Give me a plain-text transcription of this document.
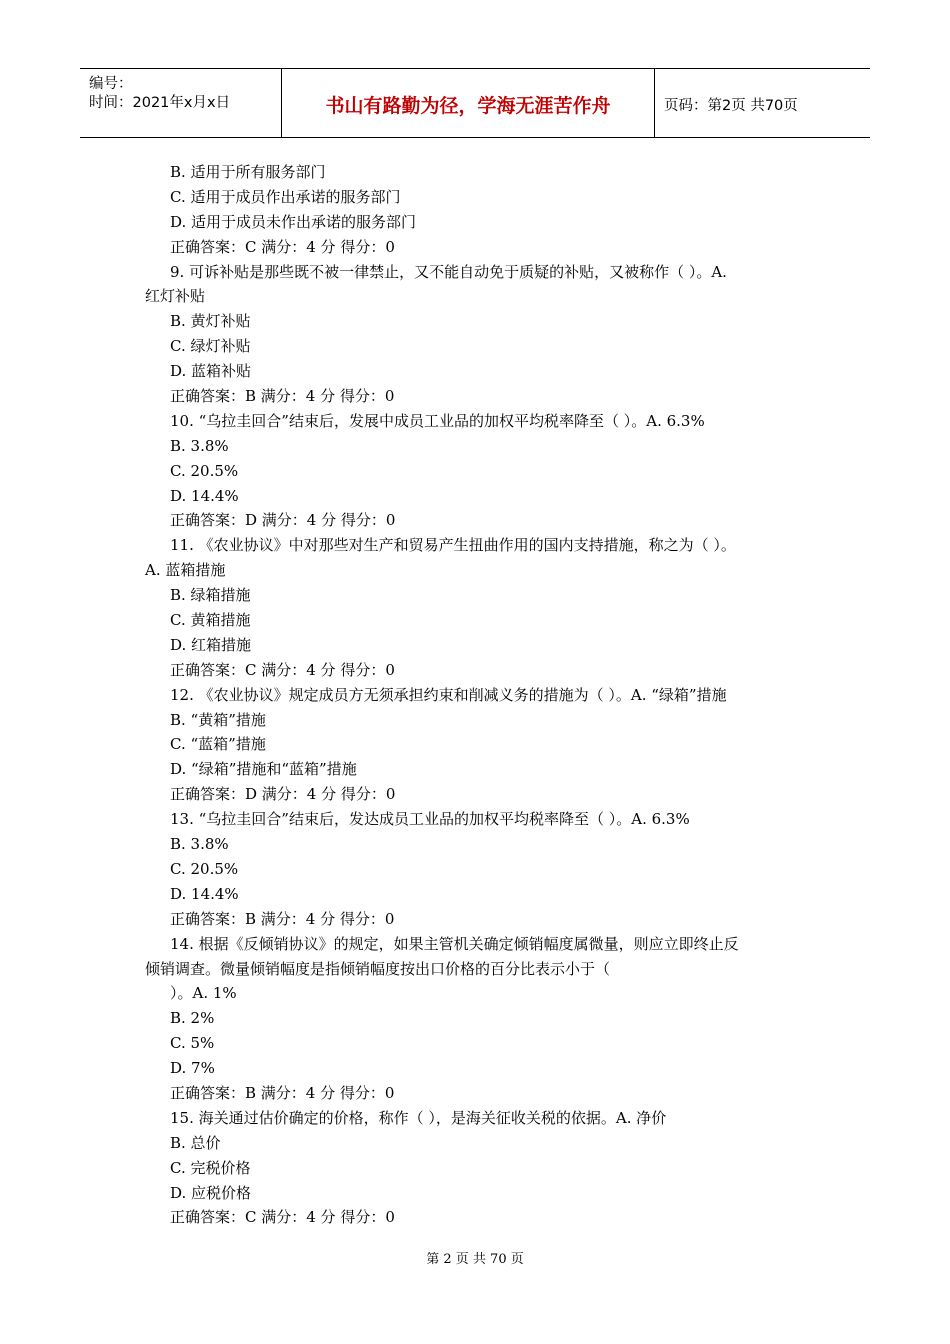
编号：
时间：2021年x月x日	书山有路勤为径，学海无涯苦作舟	页码：第2页 共70页
B. 适用于所有服务部门
C. 适用于成员作出承诺的服务部门
D. 适用于成员未作出承诺的服务部门
正确答案：C 满分：4 分 得分：0
9. 可诉补贴是那些既不被一律禁止，又不能自动免于质疑的补贴，又被称作（ ）。A.
红灯补贴
B. 黄灯补贴
C. 绿灯补贴
D. 蓝箱补贴
正确答案：B 满分：4 分 得分：0
10. “乌拉圭回合”结束后，发展中成员工业品的加权平均税率降至（ ）。A. 6.3%
B. 3.8%
C. 20.5%
D. 14.4%
正确答案：D 满分：4 分 得分：0
11. 《农业协议》中对那些对生产和贸易产生扭曲作用的国内支持措施，称之为（ ）。
A. 蓝箱措施
B. 绿箱措施
C. 黄箱措施
D. 红箱措施
正确答案：C 满分：4 分 得分：0
12. 《农业协议》规定成员方无须承担约束和削减义务的措施为（ ）。A. “绿箱”措施
B. “黄箱”措施
C. “蓝箱”措施
D. “绿箱”措施和“蓝箱”措施
正确答案：D 满分：4 分 得分：0
13. “乌拉圭回合”结束后，发达成员工业品的加权平均税率降至（ ）。A. 6.3%
B. 3.8%
C. 20.5%
D. 14.4%
正确答案：B 满分：4 分 得分：0
14. 根据《反倾销协议》的规定，如果主管机关确定倾销幅度属微量，则应立即终止反
倾销调查。微量倾销幅度是指倾销幅度按出口价格的百分比表示小于（
）。A. 1%
B. 2%
C. 5%
D. 7%
正确答案：B 满分：4 分 得分：0
15. 海关通过估价确定的价格，称作（ ），是海关征收关税的依据。A. 净价
B. 总价
C. 完税价格
D. 应税价格
正确答案：C 满分：4 分 得分：0
第 2 页 共 70 页
